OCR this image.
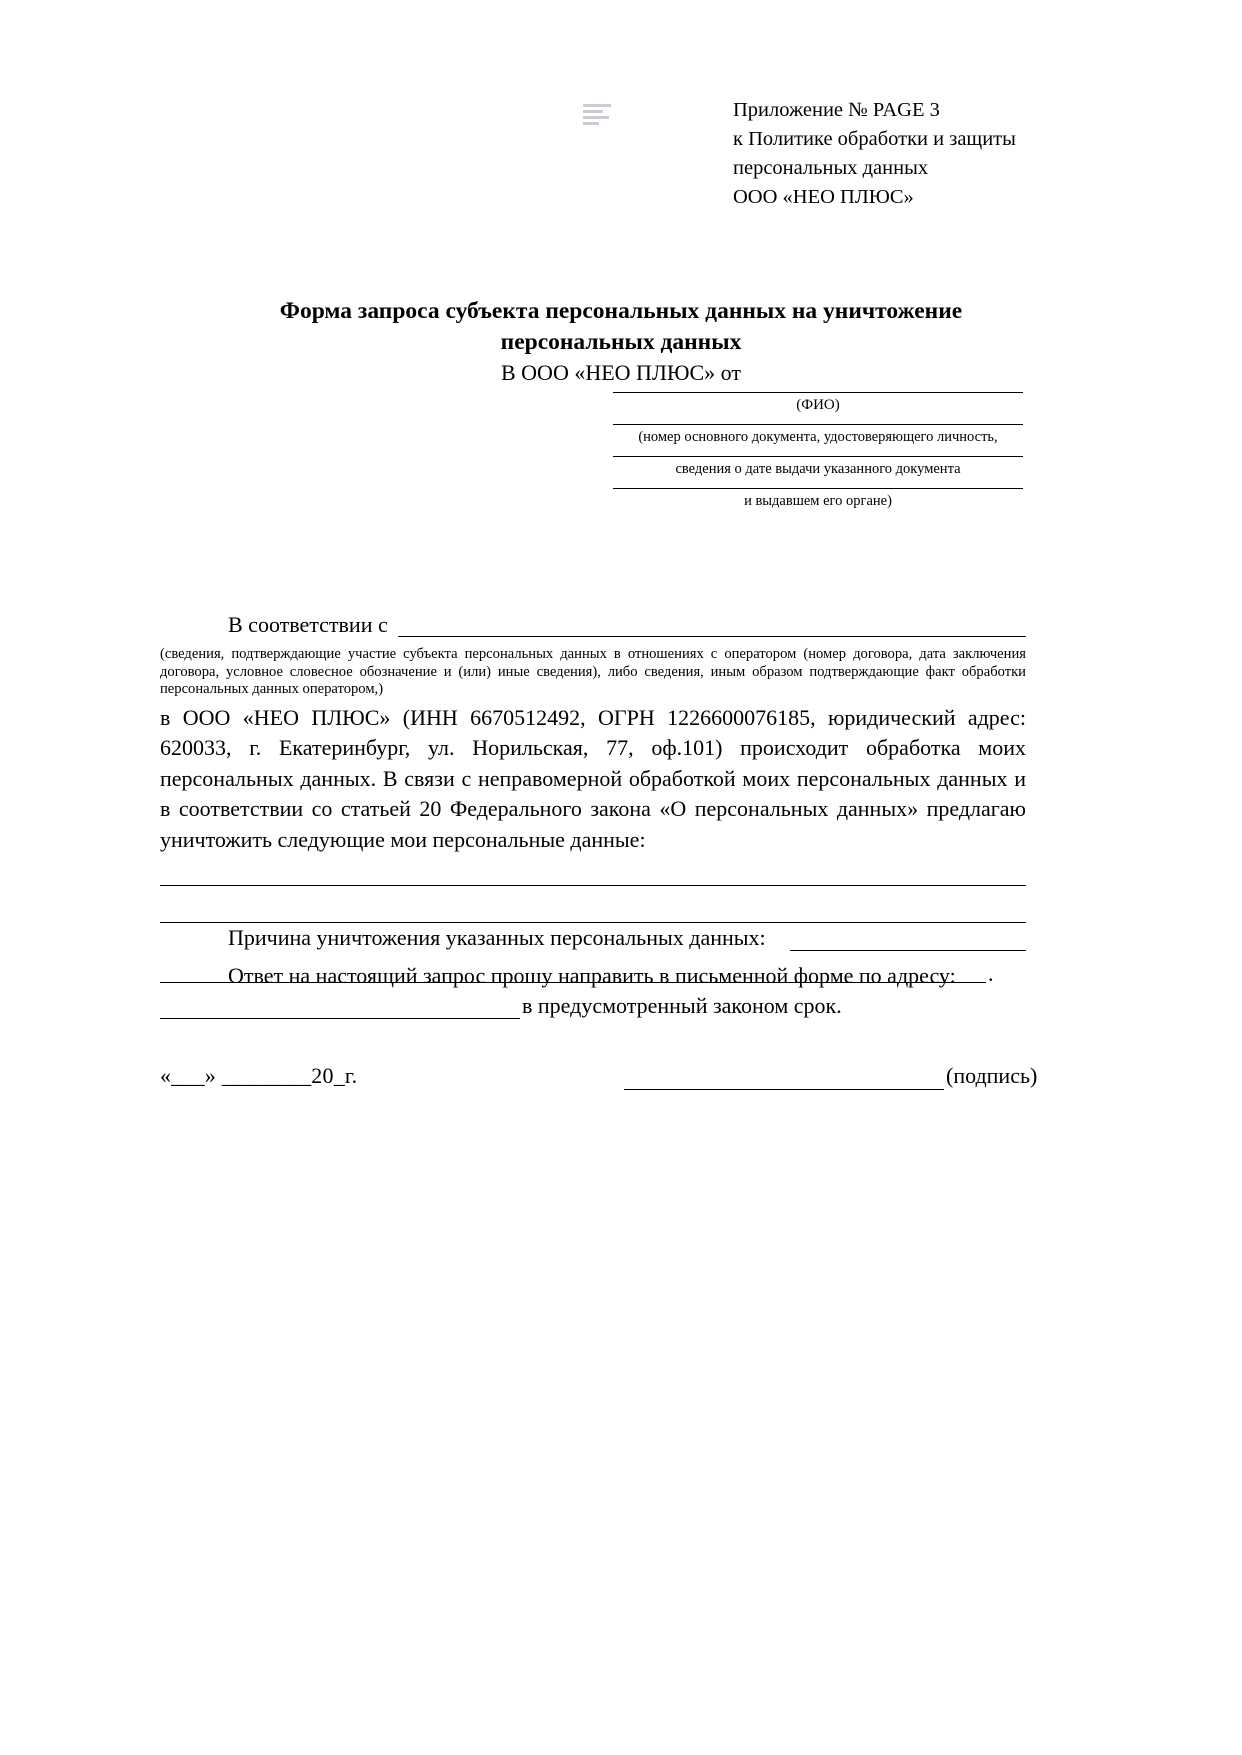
Приложение № PAGE 3
к Политике обработки и защиты
персональных данных
ООО «НЕО ПЛЮС»
Форма запроса субъекта персональных данных на уничтожение
персональных данных
В ООО «НЕО ПЛЮС» от
(ФИО)
(номер основного документа, удостоверяющего личность,
сведения о дате выдачи указанного документа
и выдавшем его органе)
В соответствии с
(сведения, подтверждающие участие субъекта персональных данных в отношениях с оператором (номер договора, дата заключения договора, условное словесное обозначение и (или) иные сведения), либо сведения, иным образом подтверждающие факт обработки персональных данных оператором,)
в ООО «НЕО ПЛЮС» (ИНН 6670512492, ОГРН 1226600076185, юридический адрес: 620033, г. Екатеринбург, ул. Норильская, 77, оф.101) происходит обработка моих персональных данных. В связи с неправомерной обработкой моих персональных данных и в соответствии со статьей 20 Федерального закона «О персональных данных» предлагаю уничтожить следующие мои персональные данные:
Причина уничтожения указанных персональных данных:
.
Ответ на настоящий запрос прошу направить в письменной форме по адресу:
в предусмотренный законом срок.
«___» ________20_г.	(подпись)
